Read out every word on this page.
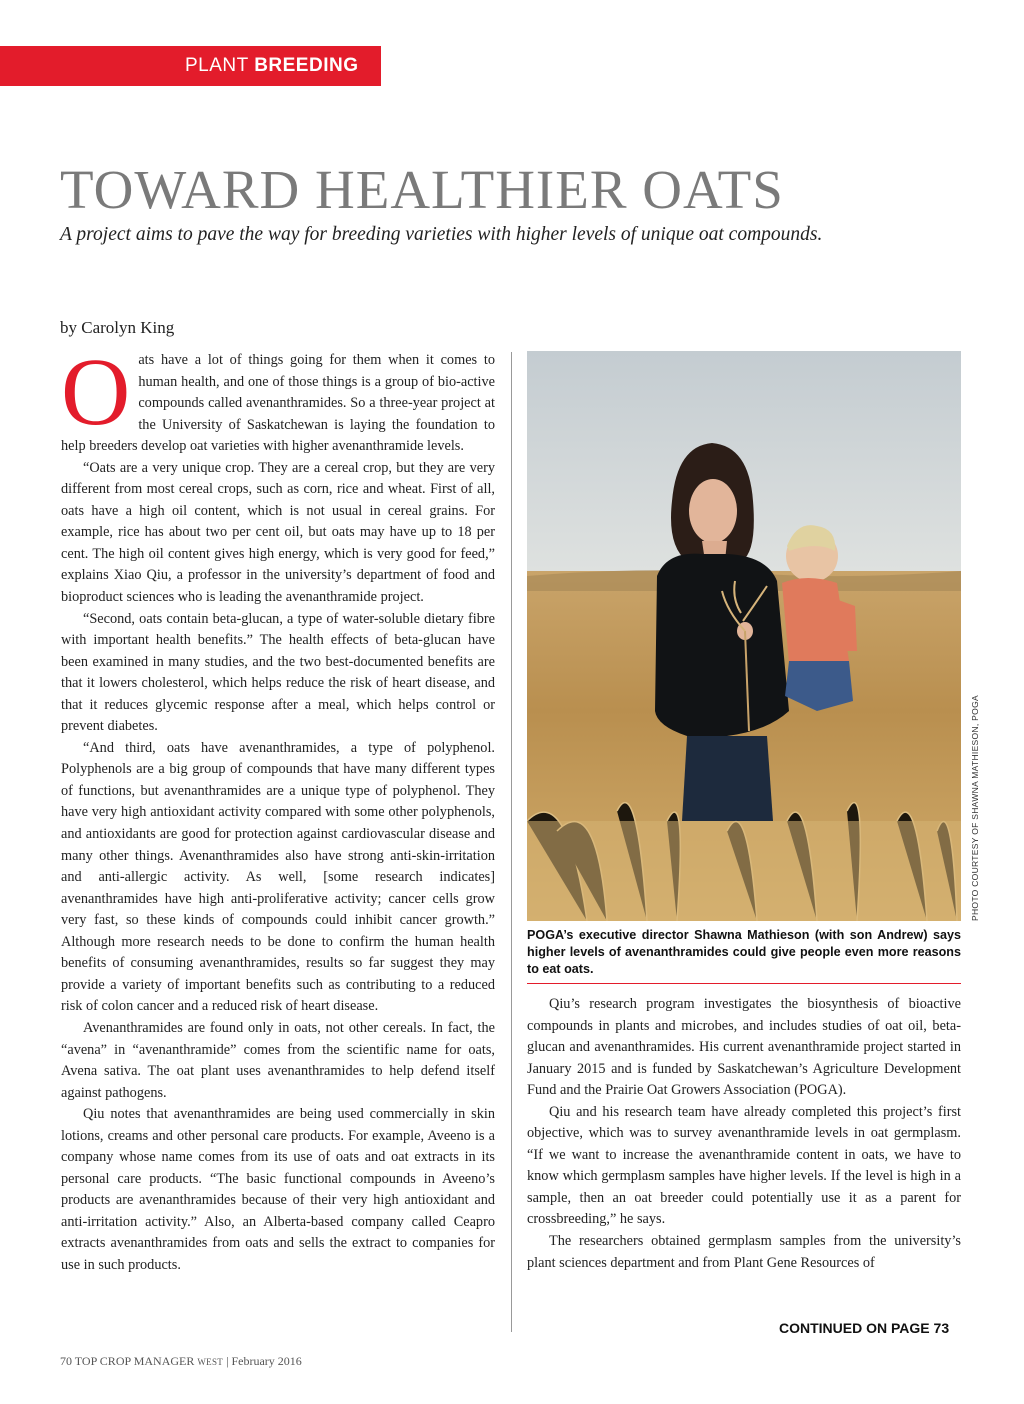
PLANT BREEDING
TOWARD HEALTHIER OATS
A project aims to pave the way for breeding varieties with higher levels of unique oat compounds.
by Carolyn King
O ats have a lot of things going for them when it comes to human health, and one of those things is a group of bio-active compounds called avenanthramides. So a three-year project at the University of Saskatchewan is laying the foundation to help breeders develop oat varieties with higher avenanthramide levels.

“Oats are a very unique crop. They are a cereal crop, but they are very different from most cereal crops, such as corn, rice and wheat. First of all, oats have a high oil content, which is not usual in cereal grains. For example, rice has about two per cent oil, but oats may have up to 18 per cent. The high oil content gives high energy, which is very good for feed,” explains Xiao Qiu, a professor in the university’s department of food and bioproduct sciences who is leading the avenanthramide project.

“Second, oats contain beta-glucan, a type of water-soluble dietary fibre with important health benefits.” The health effects of beta-glucan have been examined in many studies, and the two best-documented benefits are that it lowers cholesterol, which helps reduce the risk of heart disease, and that it reduces glycemic response after a meal, which helps control or prevent diabetes.

“And third, oats have avenanthramides, a type of polyphenol. Polyphenols are a big group of compounds that have many different types of functions, but avenanthramides are a unique type of polyphenol. They have very high antioxidant activity compared with some other polyphenols, and antioxidants are good for protection against cardiovascular disease and many other things. Avenanthramides also have strong anti-skin-irritation and anti-allergic activity. As well, [some research indicates] avenanthramides have high anti-proliferative activity; cancer cells grow very fast, so these kinds of compounds could inhibit cancer growth.” Although more research needs to be done to confirm the human health benefits of consuming avenanthramides, results so far suggest they may provide a variety of important benefits such as contributing to a reduced risk of colon cancer and a reduced risk of heart disease.

Avenanthramides are found only in oats, not other cereals. In fact, the “avena” in “avenanthramide” comes from the scientific name for oats, Avena sativa. The oat plant uses avenanthramides to help defend itself against pathogens.

Qiu notes that avenanthramides are being used commercially in skin lotions, creams and other personal care products. For example, Aveeno is a company whose name comes from its use of oats and oat extracts in its personal care products. “The basic functional compounds in Aveeno’s products are avenanthramides because of their very high antioxidant and anti-irritation activity.” Also, an Alberta-based company called Ceapro extracts avenanthramides from oats and sells the extract to companies for use in such products.

PHOTO COURTESY OF SHAWNA MATHIESON, POGA
POGA’s executive director Shawna Mathieson (with son Andrew) says higher levels of avenanthramides could give people even more reasons to eat oats.

Qiu’s research program investigates the biosynthesis of bioactive compounds in plants and microbes, and includes studies of oat oil, beta-glucan and avenanthramides. His current avenanthramide project started in January 2015 and is funded by Saskatchewan’s Agriculture Development Fund and the Prairie Oat Growers Association (POGA).

Qiu and his research team have already completed this project’s first objective, which was to survey avenanthramide levels in oat germplasm. “If we want to increase the avenanthramide content in oats, we have to know which germplasm samples have higher levels. If the level is high in a sample, then an oat breeder could potentially use it as a parent for crossbreeding,” he says.

The researchers obtained germplasm samples from the university’s plant sciences department and from Plant Gene Resources of

CONTINUED ON PAGE 73
70 TOP CROP MANAGER WEST | February 2016
